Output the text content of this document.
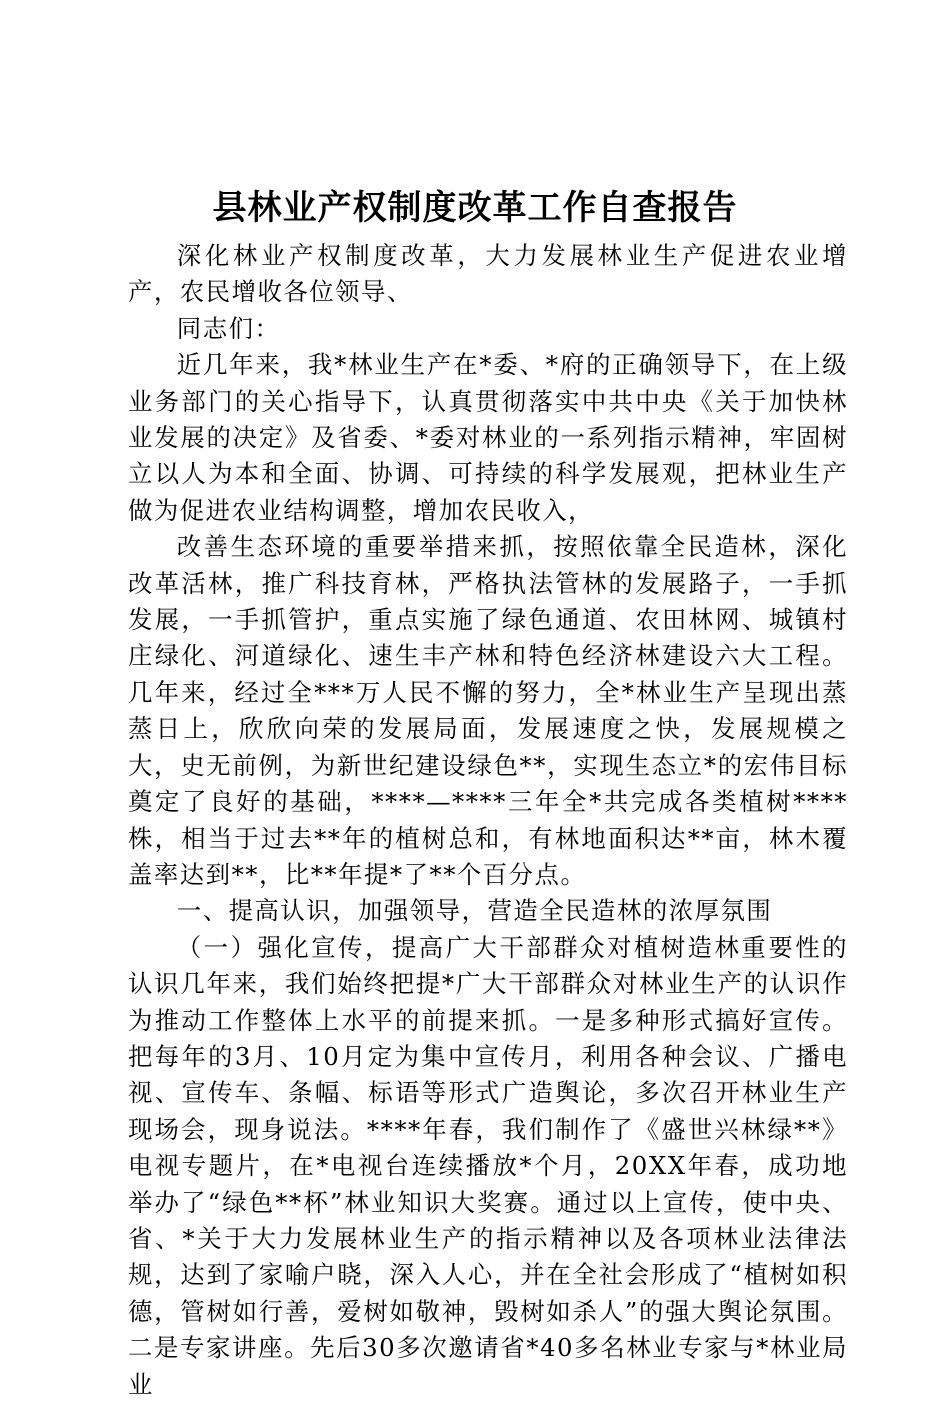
县林业产权制度改革工作自查报告

深化林业产权制度改革，大力发展林业生产促进农业增产，农民增收各位领导、

同志们：

近几年来，我*林业生产在*委、*府的正确领导下，在上级业务部门的关心指导下，认真贯彻落实中共中央《关于加快林业发展的决定》及省委、*委对林业的一系列指示精神，牢固树立以人为本和全面、协调、可持续的科学发展观，把林业生产做为促进农业结构调整，增加农民收入，

改善生态环境的重要举措来抓，按照依靠全民造林，深化改革活林，推广科技育林，严格执法管林的发展路子，一手抓发展，一手抓管护，重点实施了绿色通道、农田林网、城镇村庄绿化、河道绿化、速生丰产林和特色经济林建设六大工程。几年来，经过全***万人民不懈的努力，全*林业生产呈现出蒸蒸日上，欣欣向荣的发展局面，发展速度之快，发展规模之大，史无前例，为新世纪建设绿色**，实现生态立*的宏伟目标奠定了良好的基础，****—****三年全*共完成各类植树****株，相当于过去**年的植树总和，有林地面积达**亩，林木覆盖率达到**，比**年提*了**个百分点。

一、提高认识，加强领导，营造全民造林的浓厚氛围

（一）强化宣传，提高广大干部群众对植树造林重要性的认识几年来，我们始终把提*广大干部群众对林业生产的认识作为推动工作整体上水平的前提来抓。一是多种形式搞好宣传。把每年的3月、10月定为集中宣传月，利用各种会议、广播电视、宣传车、条幅、标语等形式广造舆论，多次召开林业生产现场会，现身说法。****年春，我们制作了《盛世兴林绿**》电视专题片，在*电视台连续播放*个月，20XX年春，成功地举办了“绿色**杯”林业知识大奖赛。通过以上宣传，使中央、省、*关于大力发展林业生产的指示精神以及各项林业法律法规，达到了家喻户晓，深入人心，并在全社会形成了“植树如积德，管树如行善，爱树如敬神，毁树如杀人”的强大舆论氛围。二是专家讲座。先后30多次邀请省*40多名林业专家与*林业局业
